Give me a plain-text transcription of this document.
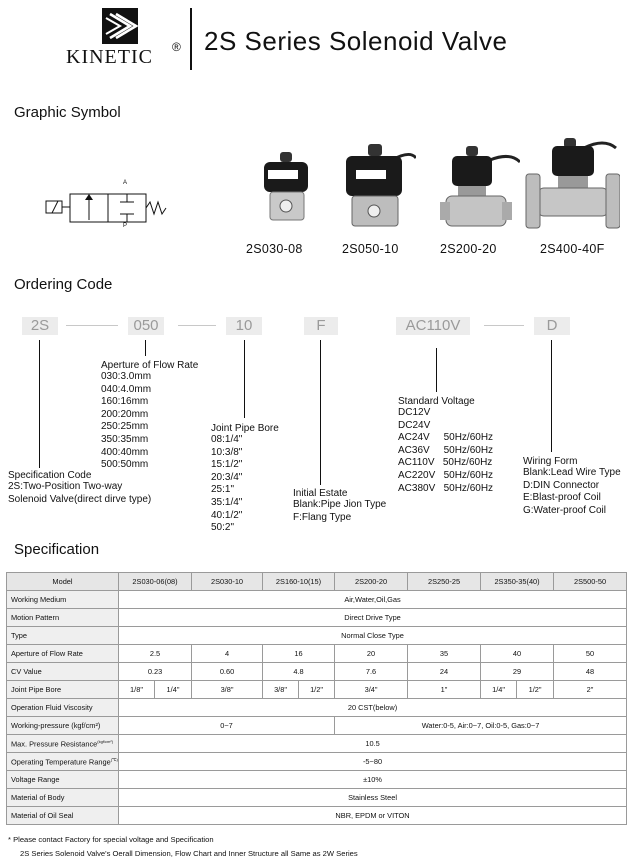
KINETIC ® 2S Series Solenoid Valve
Graphic Symbol
A
P
2S030-08	2S050-10	2S200-20	2S400-40F
Ordering Code
2S	050	10	F	AC110V	D
Specification Code
2S:Two-Position Two-way
Solenoid Valve(direct dirve type)
Aperture of Flow Rate
030:3.0mm
040:4.0mm
160:16mm
200:20mm
250:25mm
350:35mm
400:40mm
500:50mm
Joint Pipe Bore
08:1/4"
10:3/8"
15:1/2"
20:3/4"
25:1"
35:1/4"
40:1/2"
50:2"
Initial Estate
Blank:Pipe Jion Type
F:Flang Type
Standard Voltage
DC12V
DC24V
AC24V     50Hz/60Hz
AC36V     50Hz/60Hz
AC110V   50Hz/60Hz
AC220V   50Hz/60Hz
AC380V   50Hz/60Hz
Wiring Form
Blank:Lead Wire Type
D:DIN Connector
E:Blast-proof Coil
G:Water-proof Coil
Specification
Model	2S030-06(08)		2S030-10	2S160-10(15)		2S200-20	2S250-25	2S350-35(40)		2S500-50
Working Medium	Air,Water,Oil,Gas									
Motion Pattern	Direct Drive Type									
Type	Normal Close Type									
Aperture of Flow Rate	2.5		4	16		20	35	40		50
CV Value	0.23		0.60	4.8		7.6	24	29		48
Joint Pipe Bore	1/8"	1/4"	3/8"	3/8"	1/2"	3/4"	1"	1/4"	1/2"	2"
Operation Fluid Viscosity	20 CST(below)									
Working-pressure (kgf/cm²)	0~7					Water:0-5, Air:0~7, Oil:0-5, Gas:0~7				
Max. Pressure Resistance$^{(kgf/cm^2)}$	10.5									
Operating Temperature Range(℃)	-5~80									
Voltage Range	±10%									
Material of Body	Stainless Steel									
Material of Oil Seal	NBR, EPDM or VITON									
* Please contact Factory for special voltage and Specification
2S Series Solenoid Valve's Oerall Dimension, Flow Chart and Inner Structure all Same as 2W Series
